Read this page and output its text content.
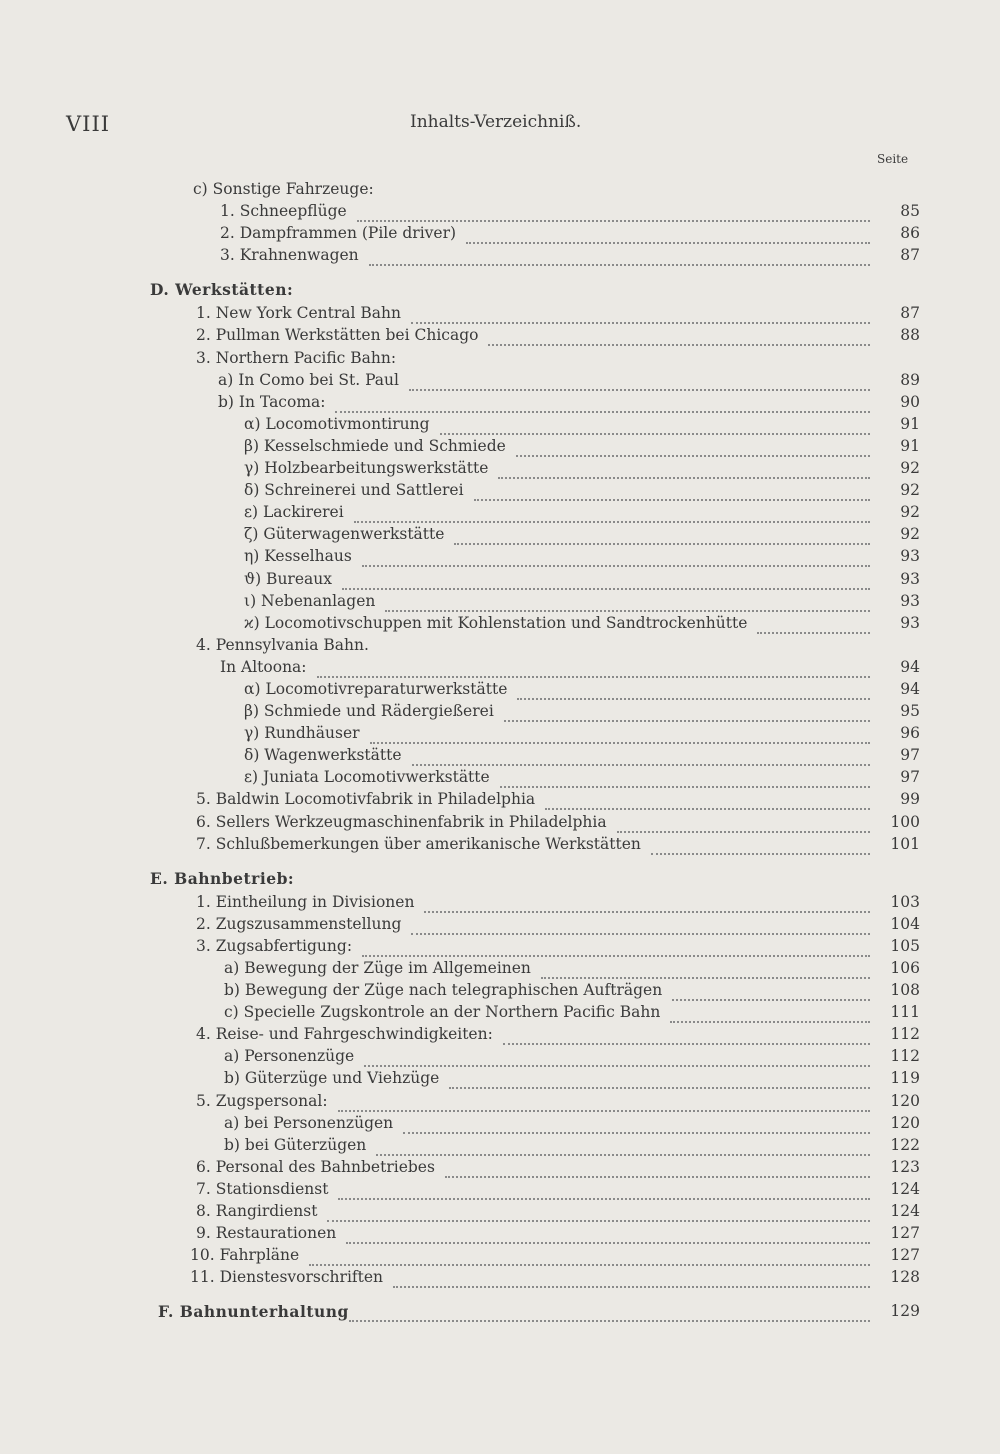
VIII	Inhalts-Verzeichniß.
Seite
c) Sonstige Fahrzeuge:
1. Schneepflüge	85
2. Dampframmen (Pile driver)	86
3. Krahnenwagen	87
D. Werkstätten:
1. New York Central Bahn	87
2. Pullman Werkstätten bei Chicago	88
3. Northern Pacific Bahn:
a) In Como bei St. Paul	89
b) In Tacoma:	90
α) Locomotivmontirung	91
β) Kesselschmiede und Schmiede	91
γ) Holzbearbeitungswerkstätte	92
δ) Schreinerei und Sattlerei	92
ε) Lackirerei	92
ζ) Güterwagenwerkstätte	92
η) Kesselhaus	93
ϑ) Bureaux	93
ι) Nebenanlagen	93
ϰ) Locomotivschuppen mit Kohlenstation und Sandtrockenhütte	93
4. Pennsylvania Bahn.
In Altoona:	94
α) Locomotivreparaturwerkstätte	94
β) Schmiede und Rädergießerei	95
γ) Rundhäuser	96
δ) Wagenwerkstätte	97
ε) Juniata Locomotivwerkstätte	97
5. Baldwin Locomotivfabrik in Philadelphia	99
6. Sellers Werkzeugmaschinenfabrik in Philadelphia	100
7. Schlußbemerkungen über amerikanische Werkstätten	101
E. Bahnbetrieb:
1. Eintheilung in Divisionen	103
2. Zugszusammenstellung	104
3. Zugsabfertigung:	105
a) Bewegung der Züge im Allgemeinen	106
b) Bewegung der Züge nach telegraphischen Aufträgen	108
c) Specielle Zugskontrole an der Northern Pacific Bahn	111
4. Reise- und Fahrgeschwindigkeiten:	112
a) Personenzüge	112
b) Güterzüge und Viehzüge	119
5. Zugspersonal:	120
a) bei Personenzügen	120
b) bei Güterzügen	122
6. Personal des Bahnbetriebes	123
7. Stationsdienst	124
8. Rangirdienst	124
9. Restaurationen	127
10. Fahrpläne	127
11. Dienstesvorschriften	128
F. Bahnunterhaltung	129
